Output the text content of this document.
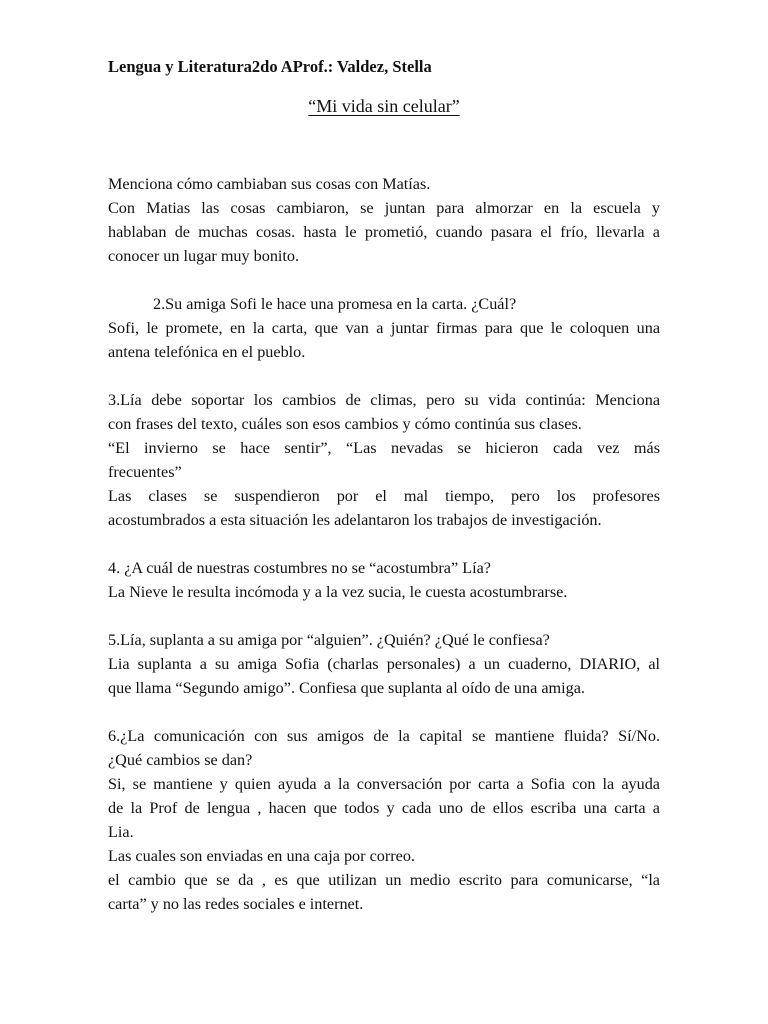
Lengua y Literatura2do AProf.: Valdez, Stella
“Mi vida sin celular”
Menciona cómo cambiaban sus cosas con Matías.
Con Matias las cosas cambiaron, se juntan para almorzar en la escuela y
hablaban de muchas cosas. hasta le prometió, cuando pasara el frío, llevarla a
conocer un lugar muy bonito.
2.Su amiga Sofi le hace una promesa en la carta. ¿Cuál?
Sofi, le promete, en la carta, que van a juntar firmas para que le coloquen una
antena telefónica en el pueblo.
3.Lía debe soportar los cambios de climas, pero su vida continúa: Menciona
con frases del texto, cuáles son esos cambios y cómo continúa sus clases.
“El invierno se hace sentir”, “Las nevadas se hicieron cada vez más
frecuentes”
Las clases se suspendieron por el mal tiempo, pero los profesores
acostumbrados a esta situación les adelantaron los trabajos de investigación.
4. ¿A cuál de nuestras costumbres no se “acostumbra” Lía?
La Nieve le resulta incómoda y a la vez sucia, le cuesta acostumbrarse.
5.Lía, suplanta a su amiga por “alguien”. ¿Quién? ¿Qué le confiesa?
Lia suplanta a su amiga Sofia (charlas personales) a un cuaderno, DIARIO, al
que llama “Segundo amigo”. Confiesa que suplanta al oído de una amiga.
6.¿La comunicación con sus amigos de la capital se mantiene fluida? Sí/No.
¿Qué cambios se dan?
Si, se mantiene y quien ayuda a la conversación por carta a Sofia con la ayuda
de la Prof de lengua , hacen que todos y cada uno de ellos escriba una carta a
Lia.
Las cuales son enviadas en una caja por correo.
el cambio que se da , es que utilizan un medio escrito para comunicarse, “la
carta” y no las redes sociales e internet.
